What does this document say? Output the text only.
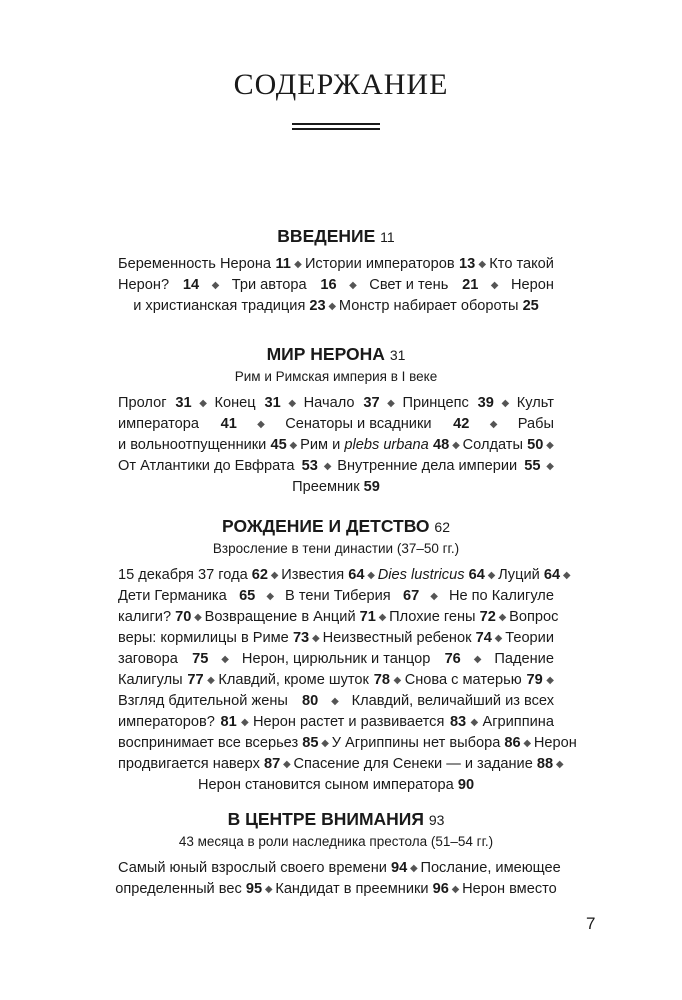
СОДЕРЖАНИЕ
ВВЕДЕНИЕ 11
Беременность Нерона 11 ◆ Истории императоров 13 ◆ Кто такой
Нерон? 14 ◆ Три автора 16 ◆ Свет и тень 21 ◆ Нерон
и христианская традиция 23 ◆ Монстр набирает обороты 25
МИР НЕРОНА 31
Рим и Римская империя в I веке
Пролог 31 ◆ Конец 31 ◆ Начало 37 ◆ Принцепс 39 ◆ Культ
императора 41 ◆ Сенаторы и всадники 42 ◆ Рабы
и вольноотпущенники 45 ◆ Рим и plebs urbana
48 ◆ Солдаты 50 ◆
От Атлантики до Евфрата 53 ◆ Внутренние дела империи 55 ◆
Преемник 59
РОЖДЕНИЕ И ДЕТСТВО 62
Взросление в тени династии (37–50 гг.)
15 декабря 37 года 62 ◆ Известия 64 ◆ Dies lustricus
64 ◆ Луций 64 ◆
Дети Германика 65 ◆ В тени Тиберия 67 ◆ Не по Калигуле
калиги? 70 ◆ Возвращение в Анций 71 ◆ Плохие гены 72 ◆ Вопрос
веры: кормилицы в Риме 73 ◆ Неизвестный ребенок 74 ◆ Теории
заговора 75 ◆ Нерон, цирюльник и танцор 76 ◆ Падение
Калигулы 77 ◆ Клавдий, кроме шуток 78 ◆ Снова с матерью 79 ◆
Взгляд бдительной жены 80 ◆ Клавдий, величайший из всех
императоров? 81 ◆ Нерон растет и развивается 83 ◆ Агриппина
воспринимает все всерьез 85 ◆ У Агриппины нет выбора 86 ◆ Нерон
продвигается наверх 87 ◆ Спасение для Сенеки — и задание 88 ◆
Нерон становится сыном императора 90
В ЦЕНТРЕ ВНИМАНИЯ 93
43 месяца в роли наследника престола (51–54 гг.)
Самый юный взрослый своего времени 94 ◆ Послание, имеющее
определенный вес 95 ◆ Кандидат в преемники 96 ◆ Нерон вместо
7
